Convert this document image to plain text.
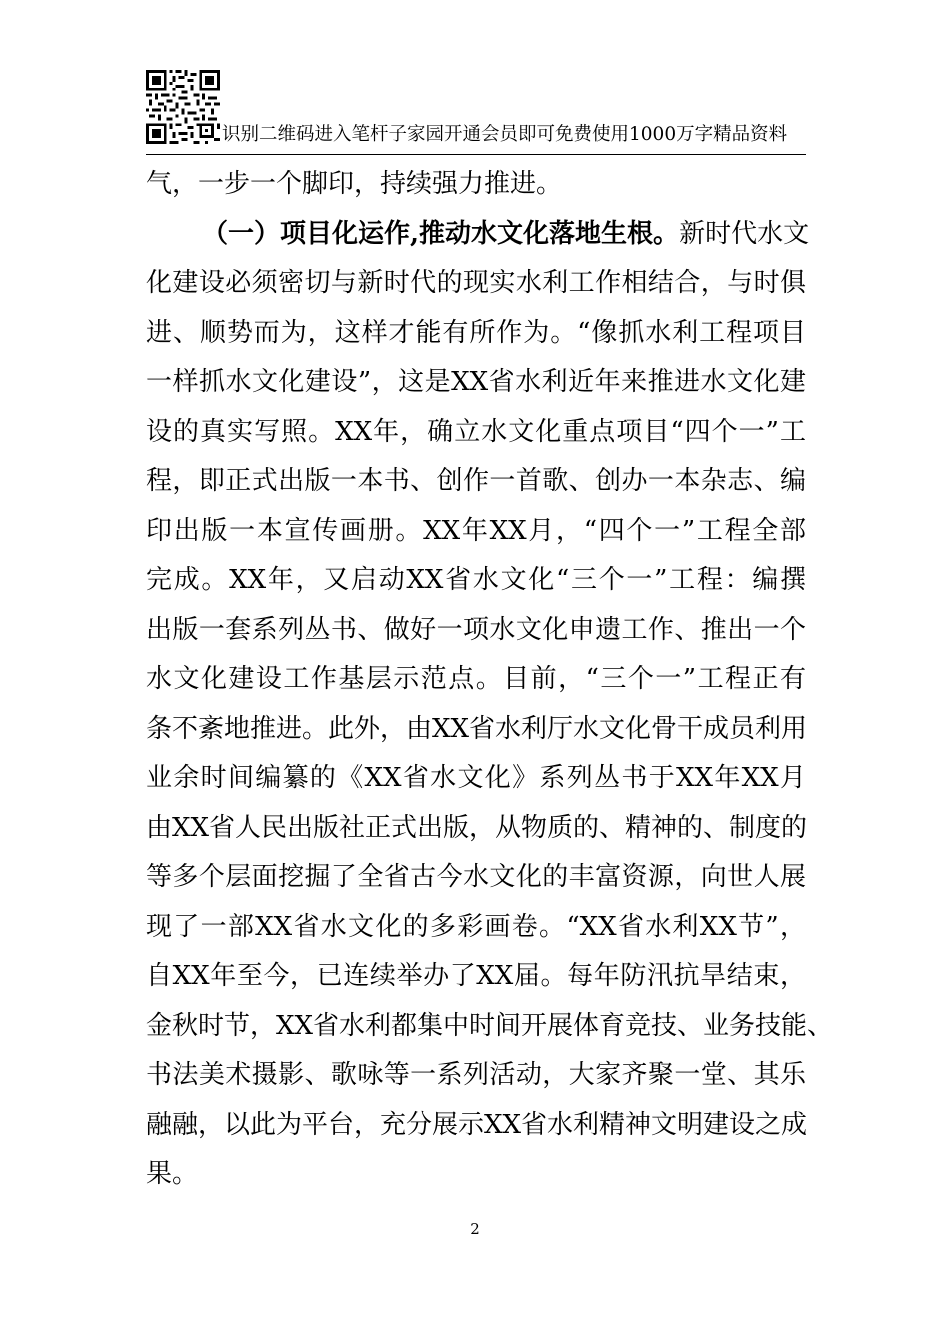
识别二维码进入笔杆子家园开通会员即可免费使用1000万字精品资料
气，一步一个脚印，持续强力推进。
（一）项目化运作,推动水文化落地生根。新时代水文
化建设必须密切与新时代的现实水利工作相结合，与时俱
进、顺势而为，这样才能有所作为。“像抓水利工程项目
一样抓水文化建设”，这是XX省水利近年来推进水文化建
设的真实写照。XX年，确立水文化重点项目“四个一”工
程，即正式出版一本书、创作一首歌、创办一本杂志、编
印出版一本宣传画册。XX年XX月，“四个一”工程全部
完成。XX年，又启动XX省水文化“三个一”工程：编撰
出版一套系列丛书、做好一项水文化申遗工作、推出一个
水文化建设工作基层示范点。目前，“三个一”工程正有
条不紊地推进。此外，由XX省水利厅水文化骨干成员利用
业余时间编纂的《XX省水文化》系列丛书于XX年XX月
由XX省人民出版社正式出版，从物质的、精神的、制度的
等多个层面挖掘了全省古今水文化的丰富资源，向世人展
现了一部XX省水文化的多彩画卷。“XX省水利XX节”，
自XX年至今，已连续举办了XX届。每年防汛抗旱结束，
金秋时节，XX省水利都集中时间开展体育竞技、业务技能、
书法美术摄影、歌咏等一系列活动，大家齐聚一堂、其乐
融融，以此为平台，充分展示XX省水利精神文明建设之成
果。
2
